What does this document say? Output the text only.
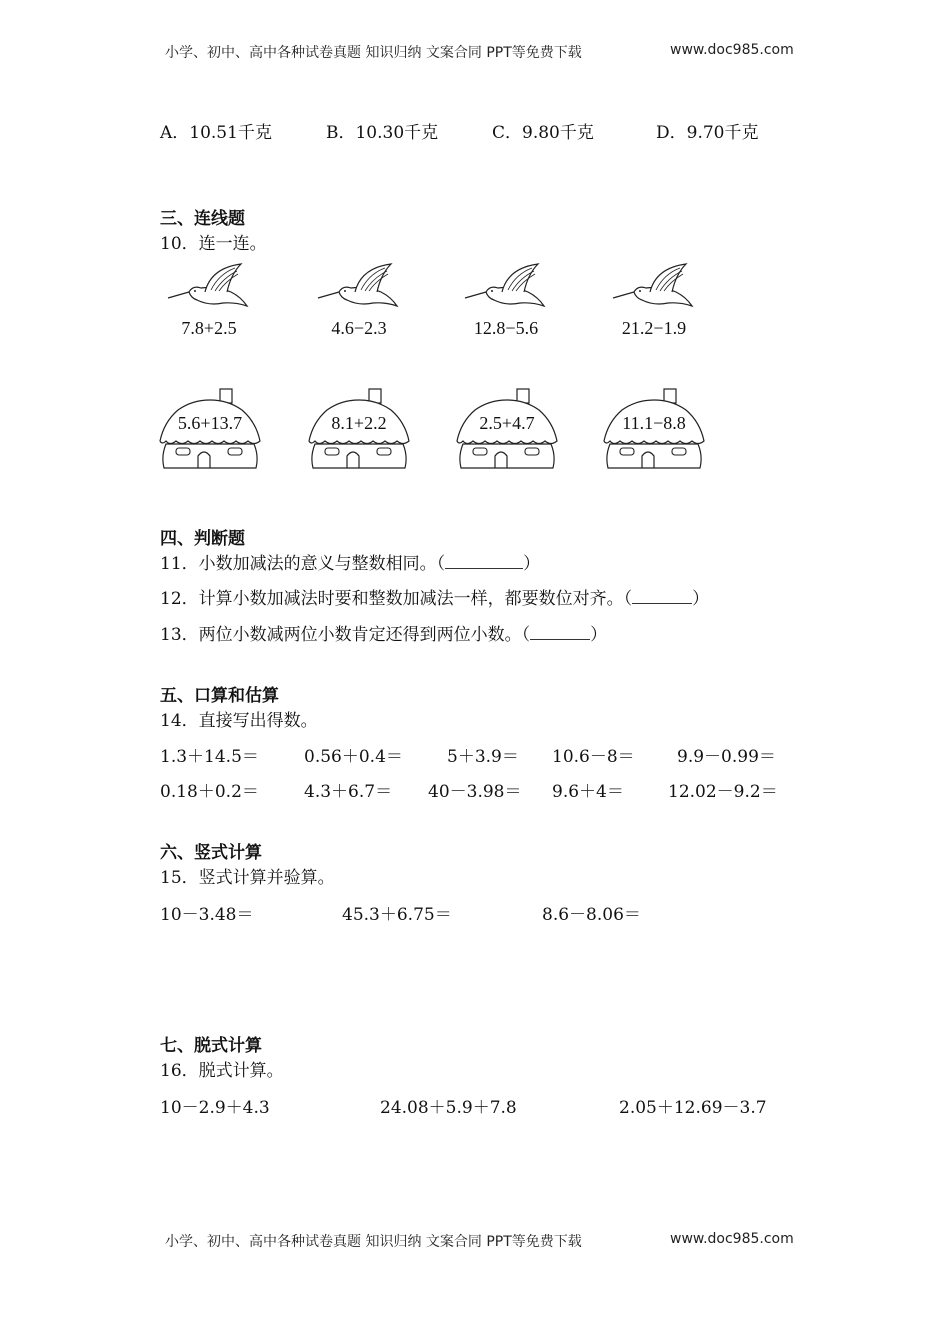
小学、初中、高中各种试卷真题 知识归纳 文案合同 PPT等免费下载	www.doc985.com
A．10.51千克	B．10.30千克	C．9.80千克	D．9.70千克
三、连线题
10．连一连。
7.8+2.5	4.6−2.3	12.8−5.6	21.2−1.9
5.6+13.7	8.1+2.2	2.5+4.7	11.1−8.8
四、判断题
11．小数加减法的意义与整数相同。（	）
12．计算小数加减法时要和整数加减法一样，都要数位对齐。（	）
13．两位小数减两位小数肯定还得到两位小数。（	）
五、口算和估算
14．直接写出得数。
1.3＋14.5＝	0.56＋0.4＝	5＋3.9＝ 10.6－8＝ 9.9－0.99＝
0.18＋0.2＝	4.3＋6.7＝ 40－3.98＝ 9.6＋4＝	12.02－9.2＝
六、竖式计算
15．竖式计算并验算。
10－3.48＝	45.3＋6.75＝	8.6－8.06＝
七、脱式计算
16．脱式计算。
10－2.9＋4.3	24.08＋5.9＋7.8	2.05＋12.69－3.7
小学、初中、高中各种试卷真题 知识归纳 文案合同 PPT等免费下载	www.doc985.com
